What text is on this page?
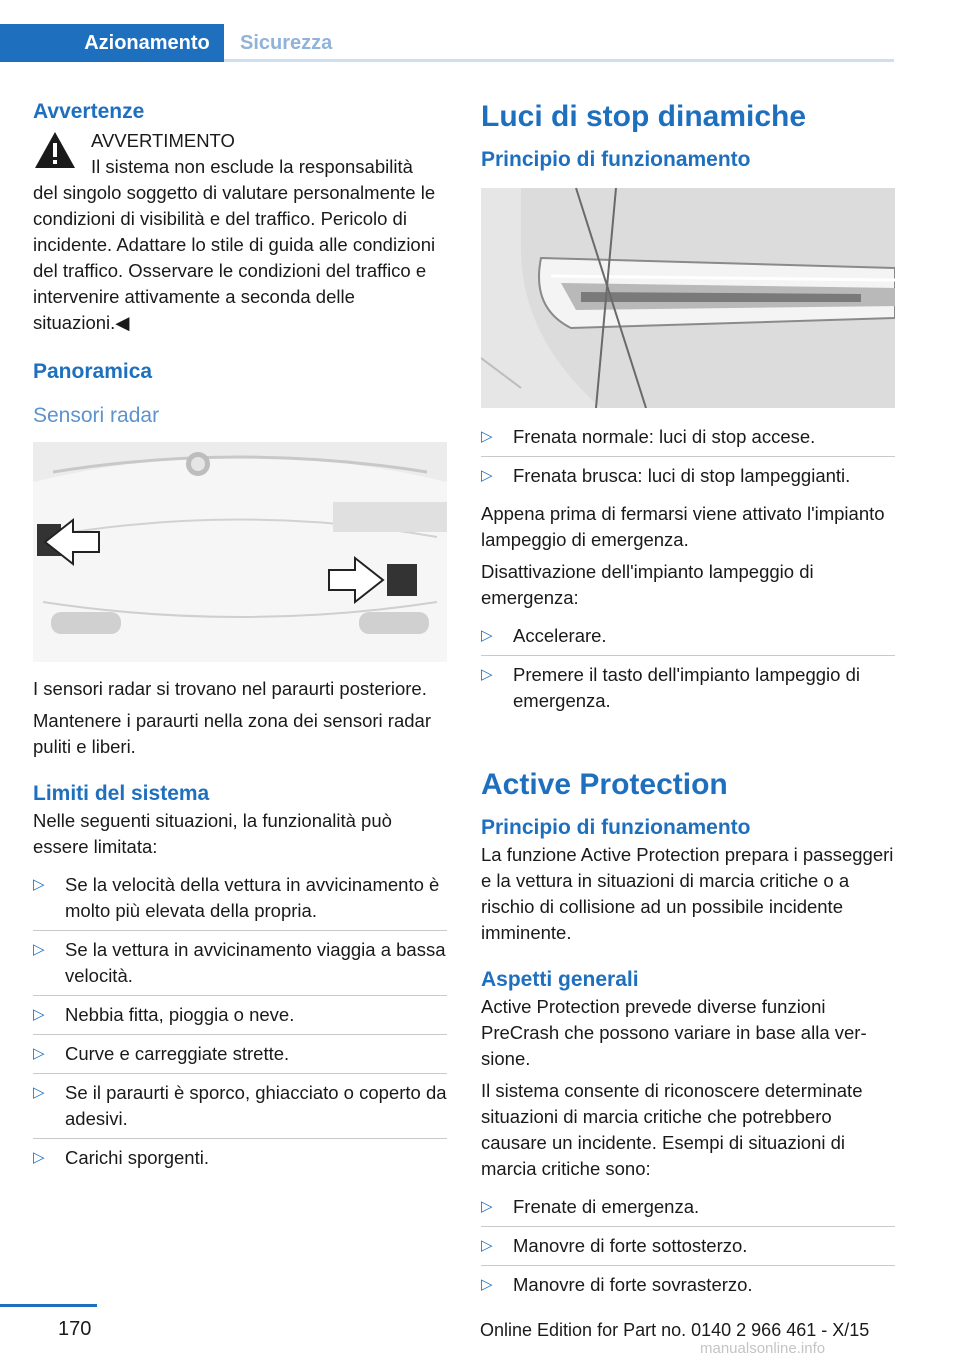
Azionamento	Sicurezza
Avvertenze
AVVERTIMENTO
Il sistema non esclude la responsabilità
del singolo soggetto di valutare personalmente le condizioni di visibilità e del traffico. Pericolo di incidente. Adattare lo stile di guida alle condizioni del traffico. Osservare le condizioni del traffico e intervenire attivamente a seconda delle situazioni.◀
Panoramica
Sensori radar
I sensori radar si trovano nel paraurti posteriore.
Mantenere i paraurti nella zona dei sensori radar puliti e liberi.
Limiti del sistema
Nelle seguenti situazioni, la funzionalità può essere limitata:
▷ Se la velocità della vettura in avvicinamento è molto più elevata della propria.
▷ Se la vettura in avvicinamento viaggia a bassa velocità.
▷ Nebbia fitta, pioggia o neve.
▷ Curve e carreggiate strette.
▷ Se il paraurti è sporco, ghiacciato o coperto da adesivi.
▷ Carichi sporgenti.
Luci di stop dinamiche
Principio di funzionamento
▷ Frenata normale: luci di stop accese.
▷ Frenata brusca: luci di stop lampeggianti.
Appena prima di fermarsi viene attivato l'impianto lampeggio di emergenza.
Disattivazione dell'impianto lampeggio di emergenza:
▷ Accelerare.
▷ Premere il tasto dell'impianto lampeggio di emergenza.
Active Protection
Principio di funzionamento
La funzione Active Protection prepara i passeggeri e la vettura in situazioni di marcia critiche o a rischio di collisione ad un possibile incidente imminente.
Aspetti generali
Active Protection prevede diverse funzioni PreCrash che possono variare in base alla versione.
Il sistema consente di riconoscere determinate situazioni di marcia critiche che potrebbero causare un incidente. Esempi di situazioni di marcia critiche sono:
▷ Frenate di emergenza.
▷ Manovre di forte sottosterzo.
▷ Manovre di forte sovrasterzo.
170	Online Edition for Part no. 0140 2 966 461 - X/15
manualsonline.info
